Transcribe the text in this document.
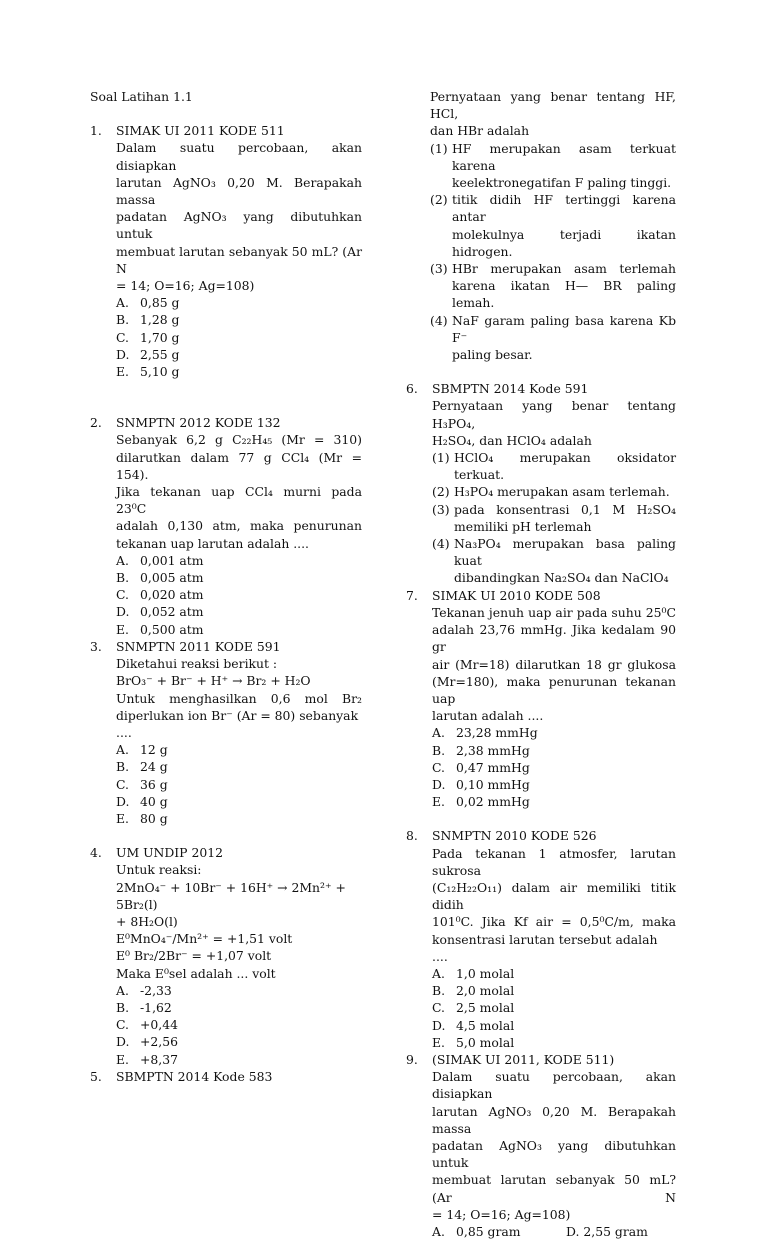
Soal Latihan 1.1
1. SIMAK UI 2011 KODE 511
Dalam suatu percobaan, akan disiapkan
larutan AgNO₃ 0,20 M. Berapakah massa
padatan AgNO₃ yang dibutuhkan untuk
membuat larutan sebanyak 50 mL? (Ar N
= 14; O=16; Ag=108)
A. 0,85 g
B. 1,28 g
C. 1,70 g
D. 2,55 g
E. 5,10 g
2. SNMPTN 2012 KODE 132
Sebanyak 6,2 g C₂₂H₄₅ (Mr = 310)
dilarutkan dalam 77 g CCl₄ (Mr = 154).
Jika tekanan uap CCl₄ murni pada 23⁰C
adalah 0,130 atm, maka penurunan
tekanan uap larutan adalah ....
A. 0,001 atm
B. 0,005 atm
C. 0,020 atm
D. 0,052 atm
E. 0,500 atm
3. SNMPTN 2011 KODE 591
Diketahui reaksi berikut :
BrO₃⁻ + Br⁻ + H⁺ → Br₂ + H₂O
Untuk menghasilkan 0,6 mol Br₂
diperlukan ion Br⁻ (Ar = 80) sebanyak ....
A. 12 g
B. 24 g
C. 36 g
D. 40 g
E. 80 g
4. UM UNDIP 2012
Untuk reaksi:
2MnO₄⁻ + 10Br⁻ + 16H⁺ → 2Mn²⁺ + 5Br₂(l)
+ 8H₂O(l)
E⁰MnO₄⁻/Mn²⁺ = +1,51 volt
E⁰ Br₂/2Br⁻ = +1,07 volt
Maka E⁰sel adalah ... volt
A. -2,33
B. -1,62
C. +0,44
D. +2,56
E. +8,37
5. SBMPTN 2014 Kode 583
Pernyataan yang benar tentang HF, HCl,
dan HBr adalah
(1) HF merupakan asam terkuat karena
keelektronegatifan F paling tinggi.
(2) titik didih HF tertinggi karena antar
molekulnya terjadi ikatan hidrogen.
(3) HBr merupakan asam terlemah
karena ikatan H— BR paling lemah.
(4) NaF garam paling basa karena Kb F⁻
paling besar.
6. SBMPTN 2014 Kode 591
Pernyataan yang benar tentang H₃PO₄,
H₂SO₄, dan HClO₄ adalah
(1) HClO₄ merupakan oksidator terkuat.
(2) H₃PO₄ merupakan asam terlemah.
(3) pada konsentrasi 0,1 M H₂SO₄
memiliki pH terlemah
(4) Na₃PO₄ merupakan basa paling kuat
dibandingkan Na₂SO₄ dan NaClO₄
7. SIMAK UI 2010 KODE 508
Tekanan jenuh uap air pada suhu 25⁰C
adalah 23,76 mmHg. Jika kedalam 90 gr
air (Mr=18) dilarutkan 18 gr glukosa
(Mr=180), maka penurunan tekanan uap
larutan adalah ....
A. 23,28 mmHg
B. 2,38 mmHg
C. 0,47 mmHg
D. 0,10 mmHg
E. 0,02 mmHg
8. SNMPTN 2010 KODE 526
Pada tekanan 1 atmosfer, larutan sukrosa
(C₁₂H₂₂O₁₁) dalam air memiliki titik didih
101⁰C. Jika Kf air = 0,5⁰C/m, maka
konsentrasi larutan tersebut adalah ....
A. 1,0 molal
B. 2,0 molal
C. 2,5 molal
D. 4,5 molal
E. 5,0 molal
9. (SIMAK UI 2011, KODE 511)
Dalam suatu percobaan, akan disiapkan
larutan AgNO₃ 0,20 M. Berapakah massa
padatan AgNO₃ yang dibutuhkan untuk
membuat larutan sebanyak 50 mL? (Ar N
= 14; O=16; Ag=108)
A. 0,85 gram	D. 2,55 gram
